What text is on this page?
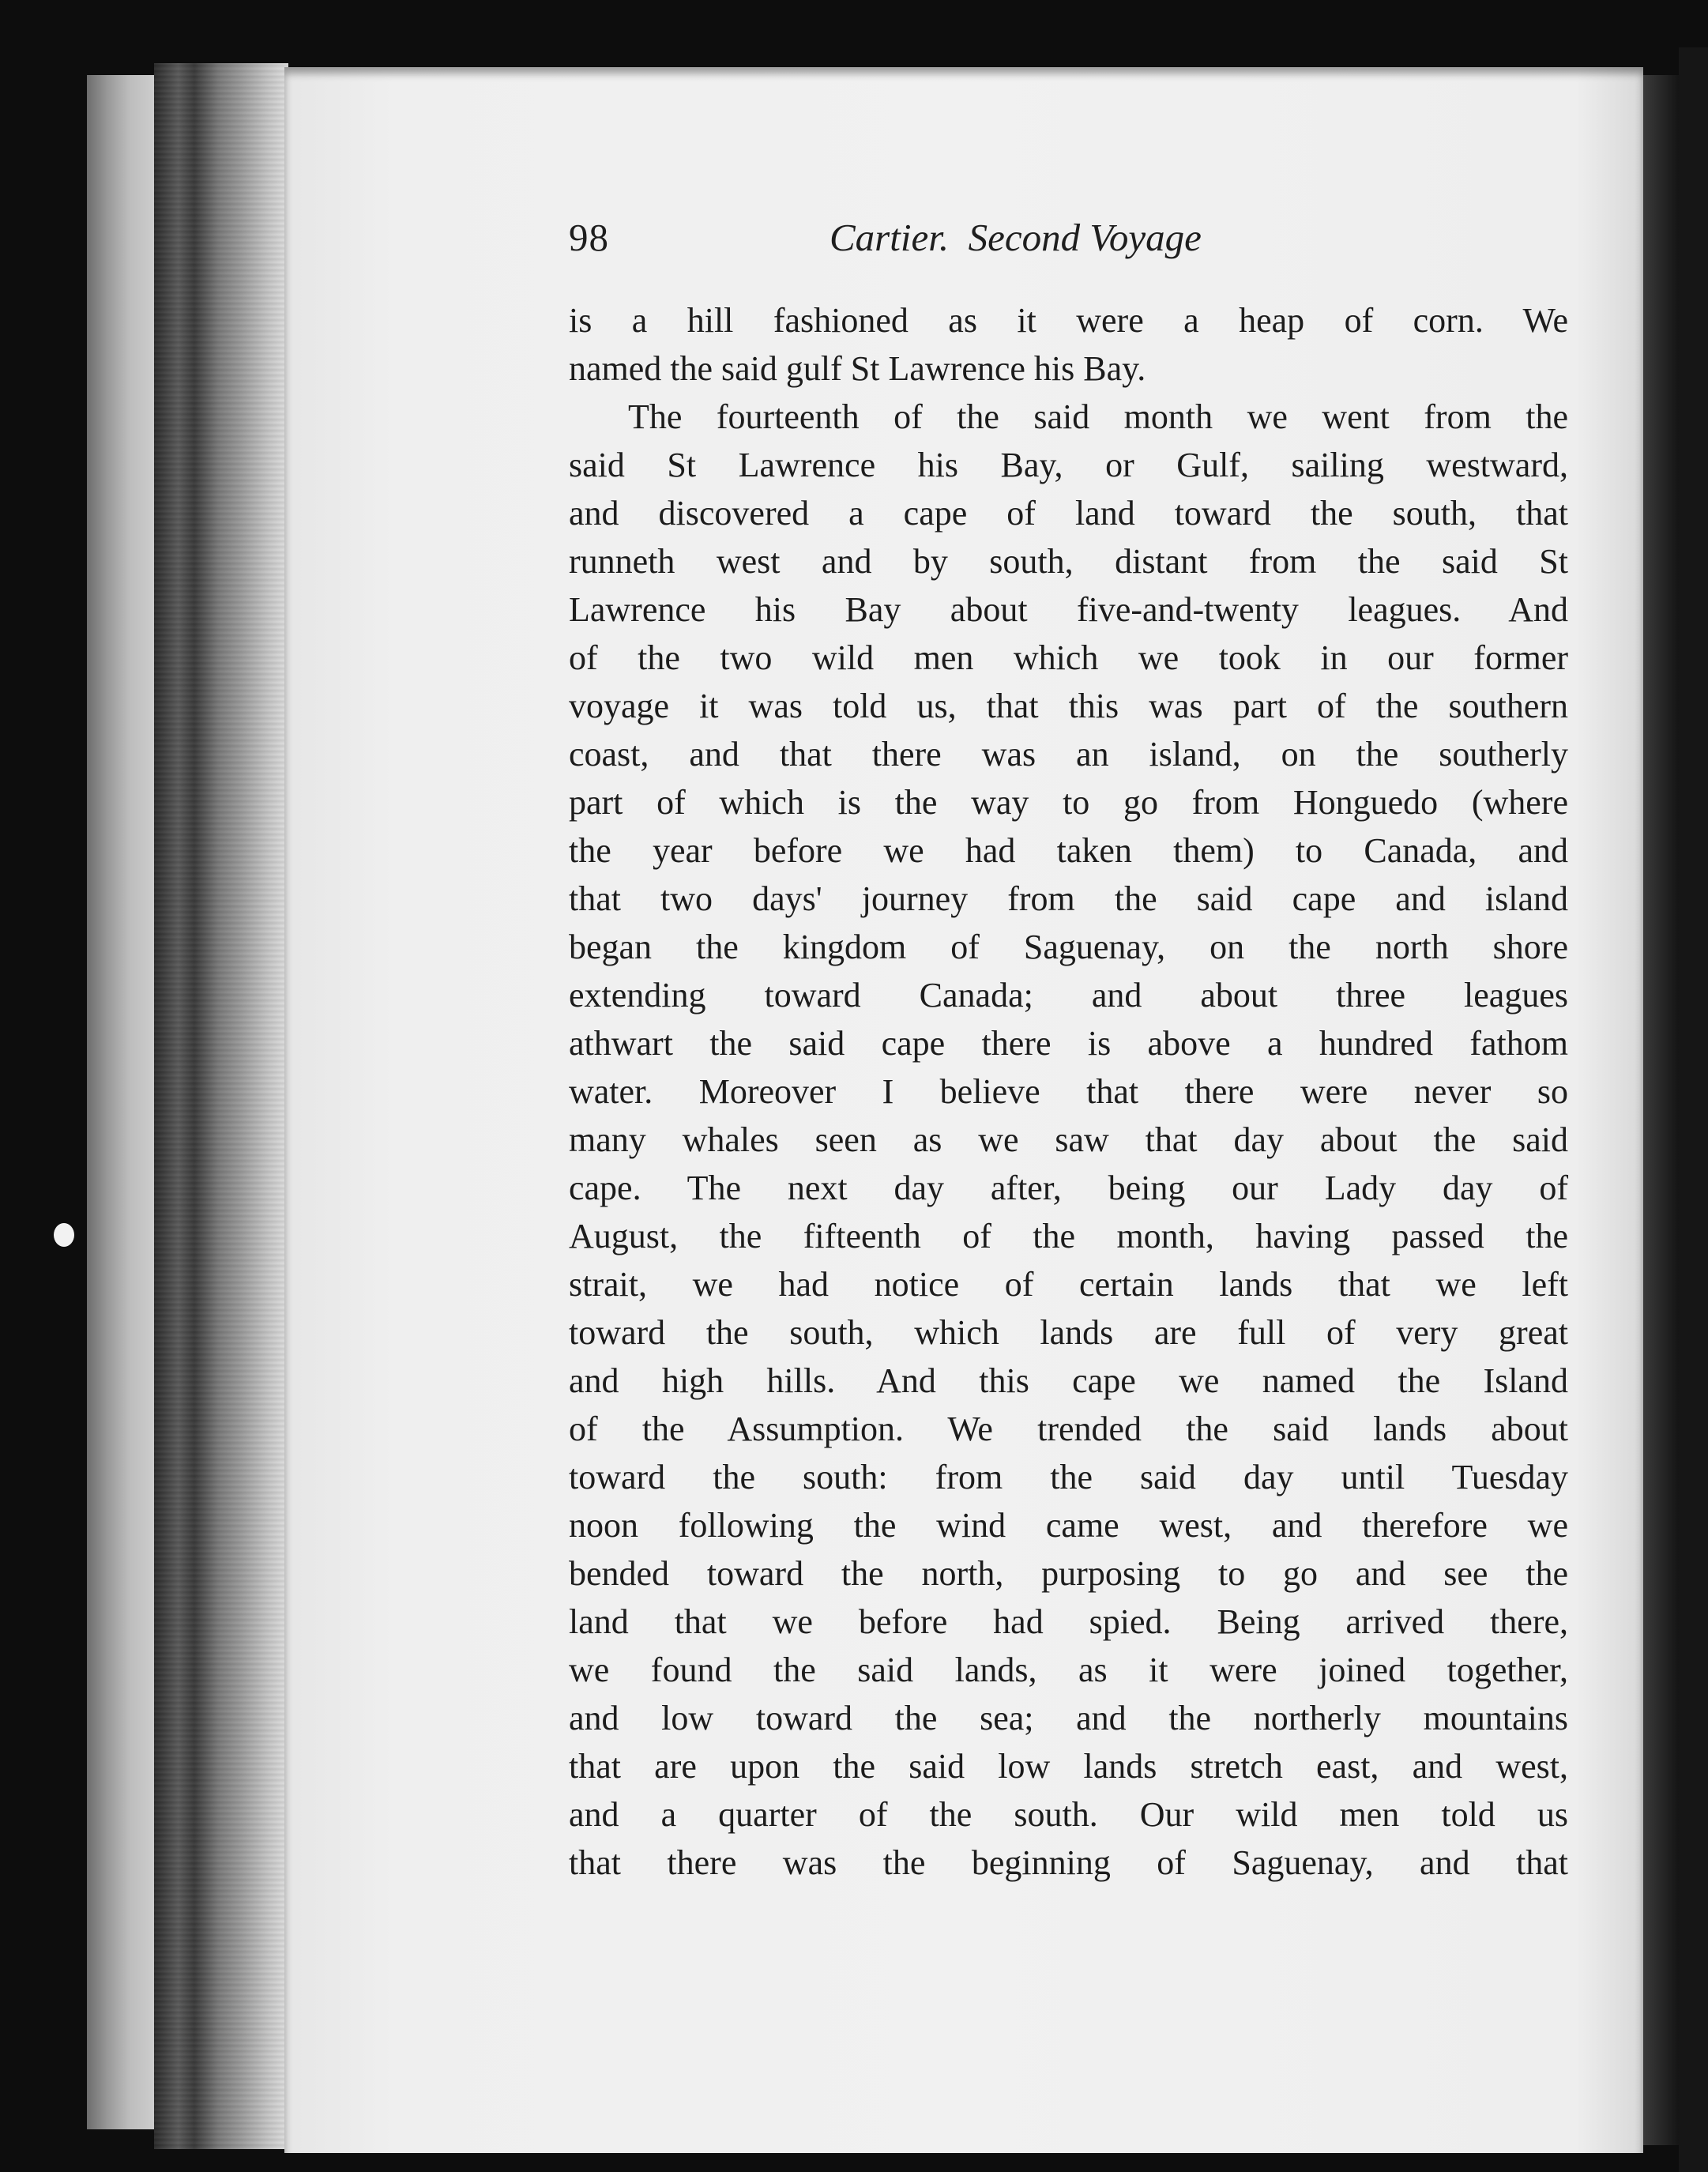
98	Cartier.  Second Voyage
is a hill fashioned as it were a heap of corn. We
named the said gulf St Lawrence his Bay.
The fourteenth of the said month we went from the
said St Lawrence his Bay, or Gulf, sailing westward,
and discovered a cape of land toward the south, that
runneth west and by south, distant from the said St
Lawrence his Bay about five-and-twenty leagues. And
of the two wild men which we took in our former
voyage it was told us, that this was part of the southern
coast, and that there was an island, on the southerly
part of which is the way to go from Honguedo (where
the year before we had taken them) to Canada, and
that two days' journey from the said cape and island
began the kingdom of Saguenay, on the north shore
extending toward Canada; and about three leagues
athwart the said cape there is above a hundred fathom
water. Moreover I believe that there were never so
many whales seen as we saw that day about the said
cape. The next day after, being our Lady day of
August, the fifteenth of the month, having passed the
strait, we had notice of certain lands that we left
toward the south, which lands are full of very great
and high hills. And this cape we named the Island
of the Assumption. We trended the said lands about
toward the south: from the said day until Tuesday
noon following the wind came west, and therefore we
bended toward the north, purposing to go and see the
land that we before had spied. Being arrived there,
we found the said lands, as it were joined together,
and low toward the sea; and the northerly mountains
that are upon the said low lands stretch east, and west,
and a quarter of the south. Our wild men told us
that there was the beginning of Saguenay, and that
